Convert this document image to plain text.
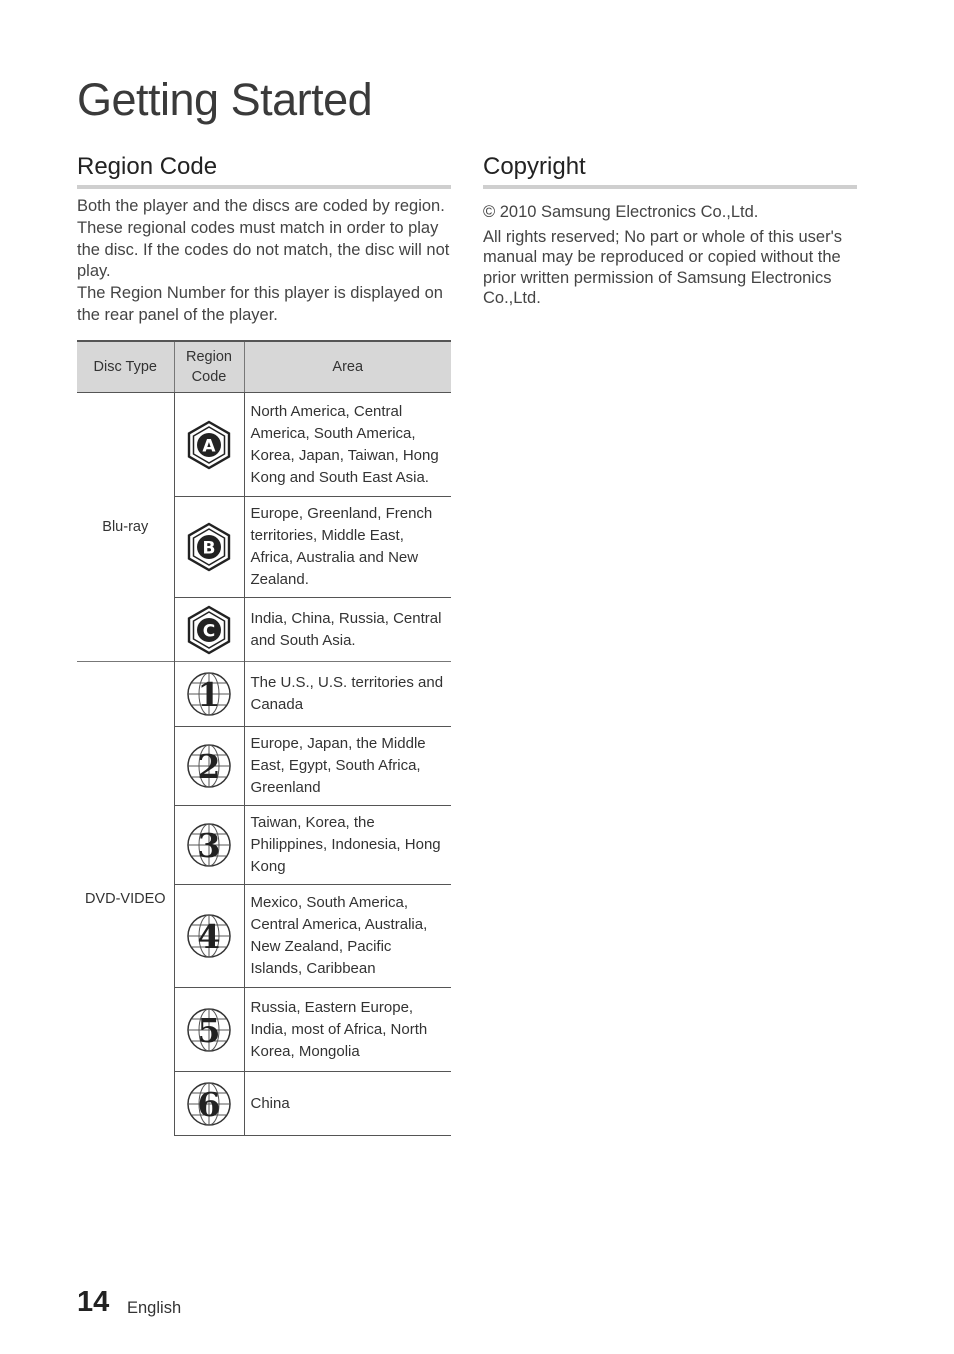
Getting Started
Region Code

Both the player and the discs are coded by region. These regional codes must match in order to play the disc. If the codes do not match, the disc will not play.

The Region Number for this player is displayed on the rear panel of the player.

Disc Type	Region Code	Area
Blu-ray	A	North America, Central America, South America, Korea, Japan, Taiwan, Hong Kong and South East Asia.

B	Europe, Greenland, French territories, Middle East, Africa, Australia and New Zealand.

C	India, China, Russia, Central and South Asia.
DVD-VIDEO	1	The U.S., U.S. territories and Canada

2	Europe, Japan, the Middle East, Egypt, South Africa, Greenland

3	Taiwan, Korea, the Philippines, Indonesia, Hong Kong

4	Mexico, South America, Central America, Australia, New Zealand, Pacific Islands, Caribbean

5	Russia, Eastern Europe, India, most of Africa, North Korea, Mongolia

6	China
Copyright

© 2010 Samsung Electronics Co.,Ltd.

All rights reserved; No part or whole of this user's manual may be reproduced or copied without the prior written permission of Samsung Electronics Co.,Ltd.

14 English
